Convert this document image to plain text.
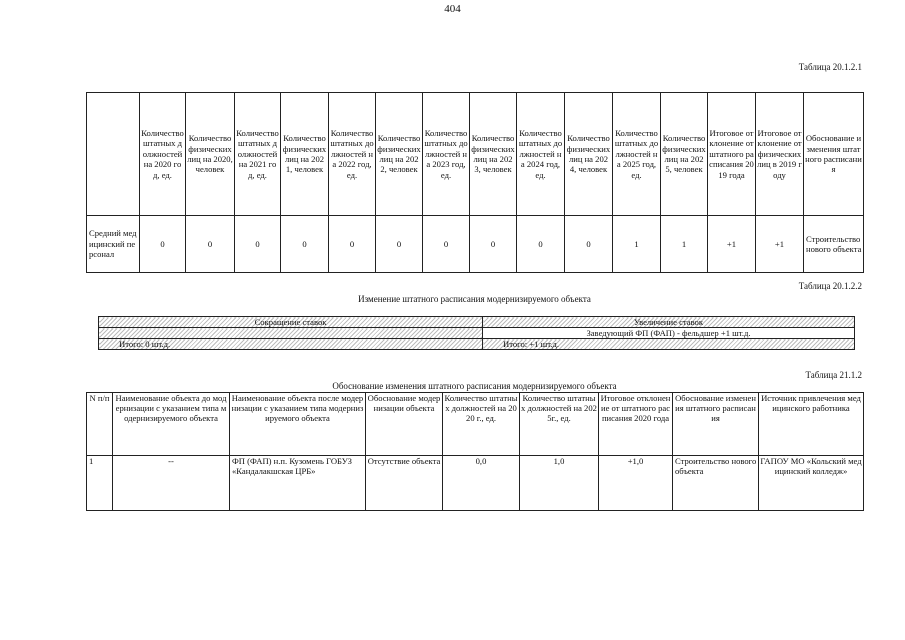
404
Таблица 20.1.2.1
	Количество штатных должностей на 2020 год, ед.	Количество физических лиц на 2020, человек	Количество штатных должностей на 2021 год, ед.	Количество физических лиц на 2021, человек	Количество штатных должностей на 2022 год, ед.	Количество физических лиц на 2022, человек	Количество штатных должностей на 2023 год, ед.	Количество физических лиц на 2023, человек	Количество штатных должностей на 2024 год, ед.	Количество физических лиц на 2024, человек	Количество штатных должностей на 2025 год, ед.	Количество физических лиц на 2025, человек	Итоговое отклонение от штатного расписания 2019 года	Итоговое отклонение от физических лиц в 2019 году	Обоснование изменения штатного расписания
Средний медицинский персонал	0	0	0	0	0	0	0	0	0	0	1	1	+1	+1	Строительство нового объекта
Таблица 20.1.2.2
Изменение штатного расписания модернизируемого объекта
Сокращение ставок	Увеличение ставок
	Заведующий ФП (ФАП) - фельдшер +1 шт.д.
Итого: 0 шт.д.	Итого: +1 шт.д.
Таблица 21.1.2
Обоснование изменения штатного расписания модернизируемого объекта
N п/п	Наименование объекта до модернизации с указанием типа модернизируемого объекта	Наименование объекта после модернизации с указанием типа модернизируемого объекта	Обоснование модернизации объекта	Количество штатных должностей на 2020 г., ед.	Количество штатных должностей на 2025г., ед.	Итоговое отклонение от штатного расписания 2020 года	Обоснование изменения штатного расписания	Источник привлечения медицинского работника
1	--	ФП (ФАП) н.п. Кузомень ГОБУЗ «Кандалакшская ЦРБ»	Отсутствие объекта	0,0	1,0	+1,0	Строительство нового объекта	ГАПОУ МО «Кольский медицинский колледж»
